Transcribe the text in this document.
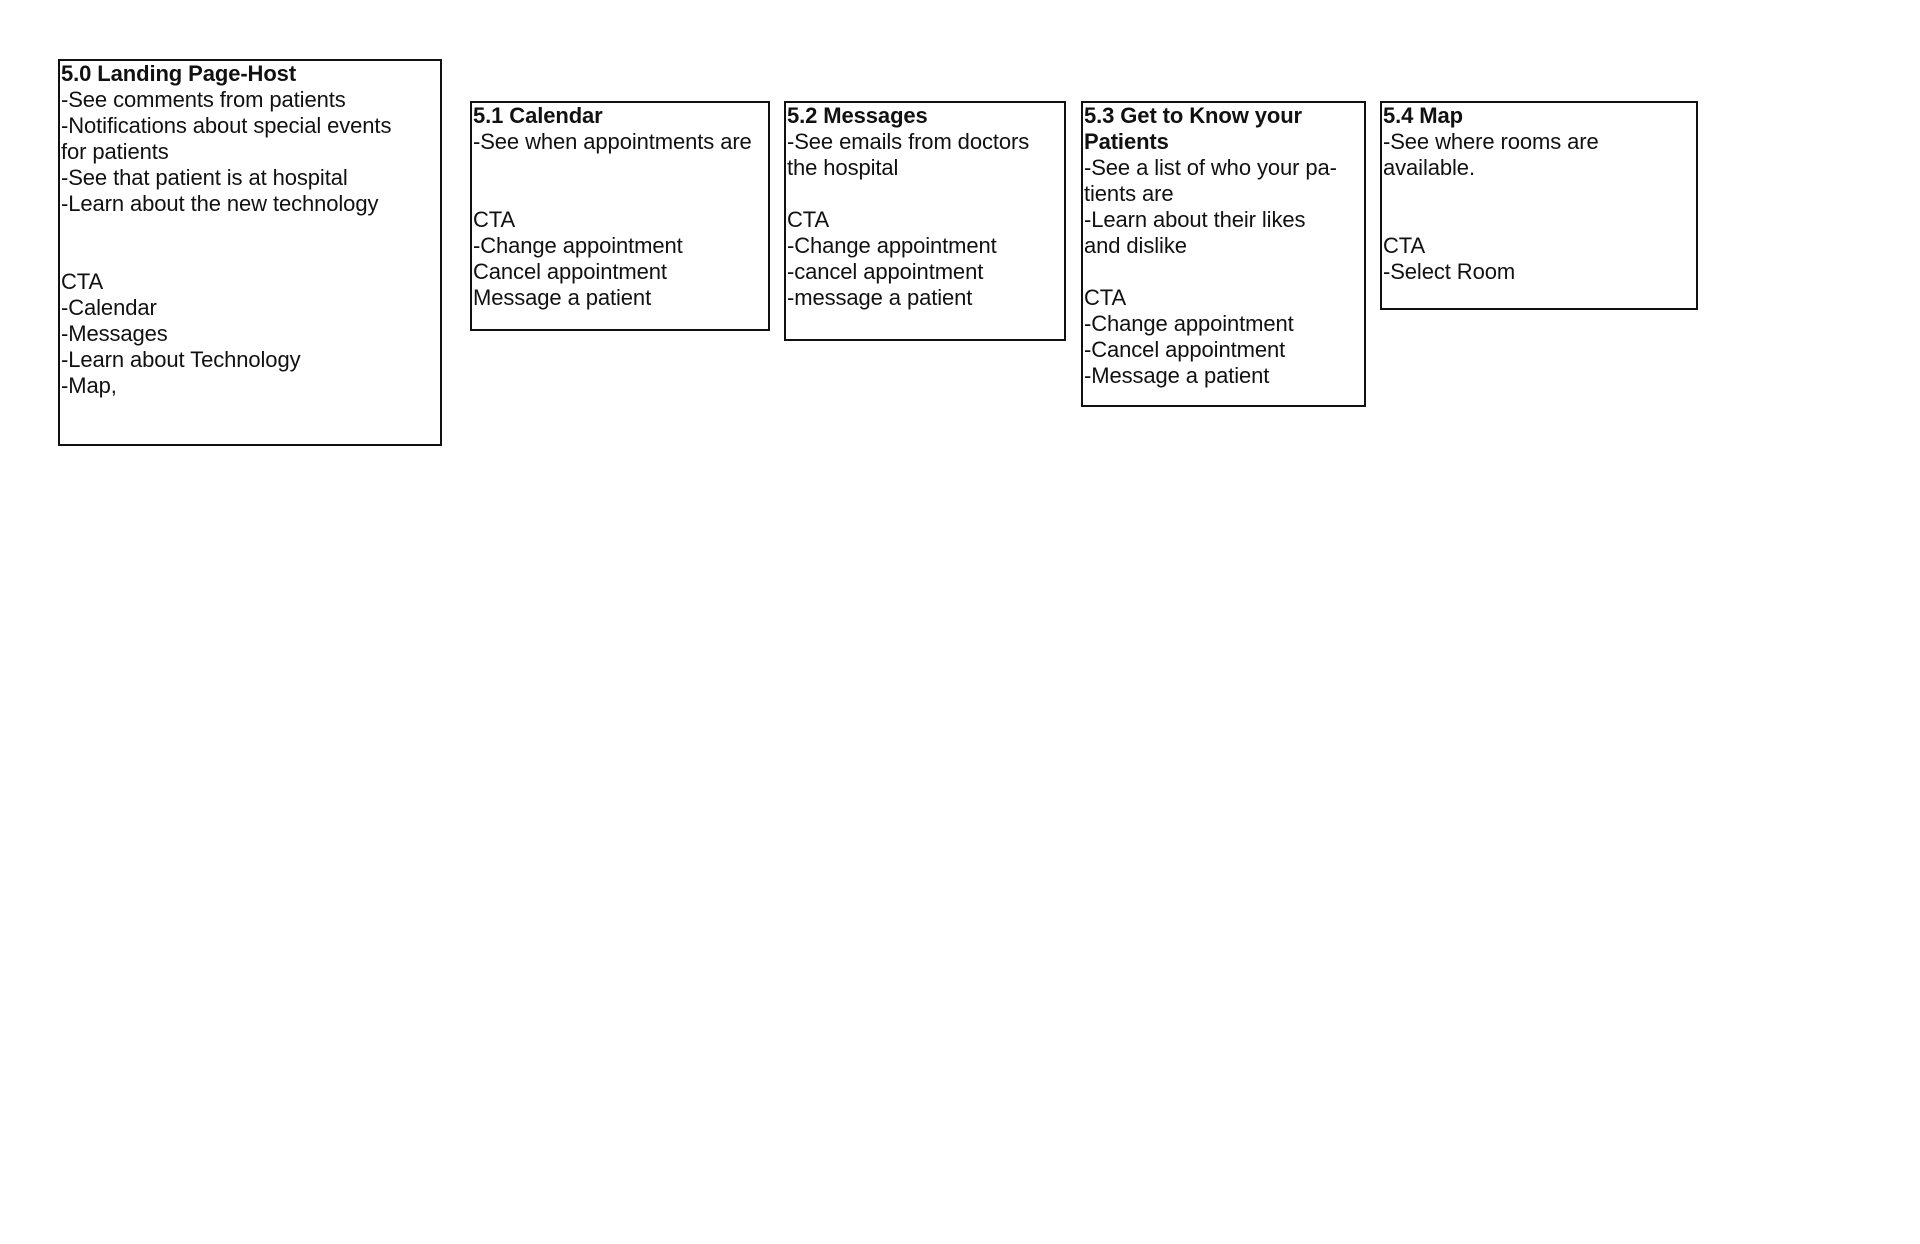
5.0 Landing Page-Host

-See comments from patients

-Notifications about special events

for patients

-See that patient is at hospital

-Learn about the new technology

CTA

-Calendar

-Messages

-Learn about Technology

-Map,

5.1 Calendar

-See when appointments are

CTA

-Change appointment

Cancel appointment

Message a patient

5.2 Messages

-See emails from doctors

the hospital

CTA

-Change appointment

-cancel appointment

-message a patient

5.3 Get to Know your Patients

-See a list of who your pa-

tients are

-Learn about their likes

and dislike

CTA

-Change appointment

-Cancel appointment

-Message a patient

5.4 Map

-See where rooms are

available.

CTA

-Select Room
